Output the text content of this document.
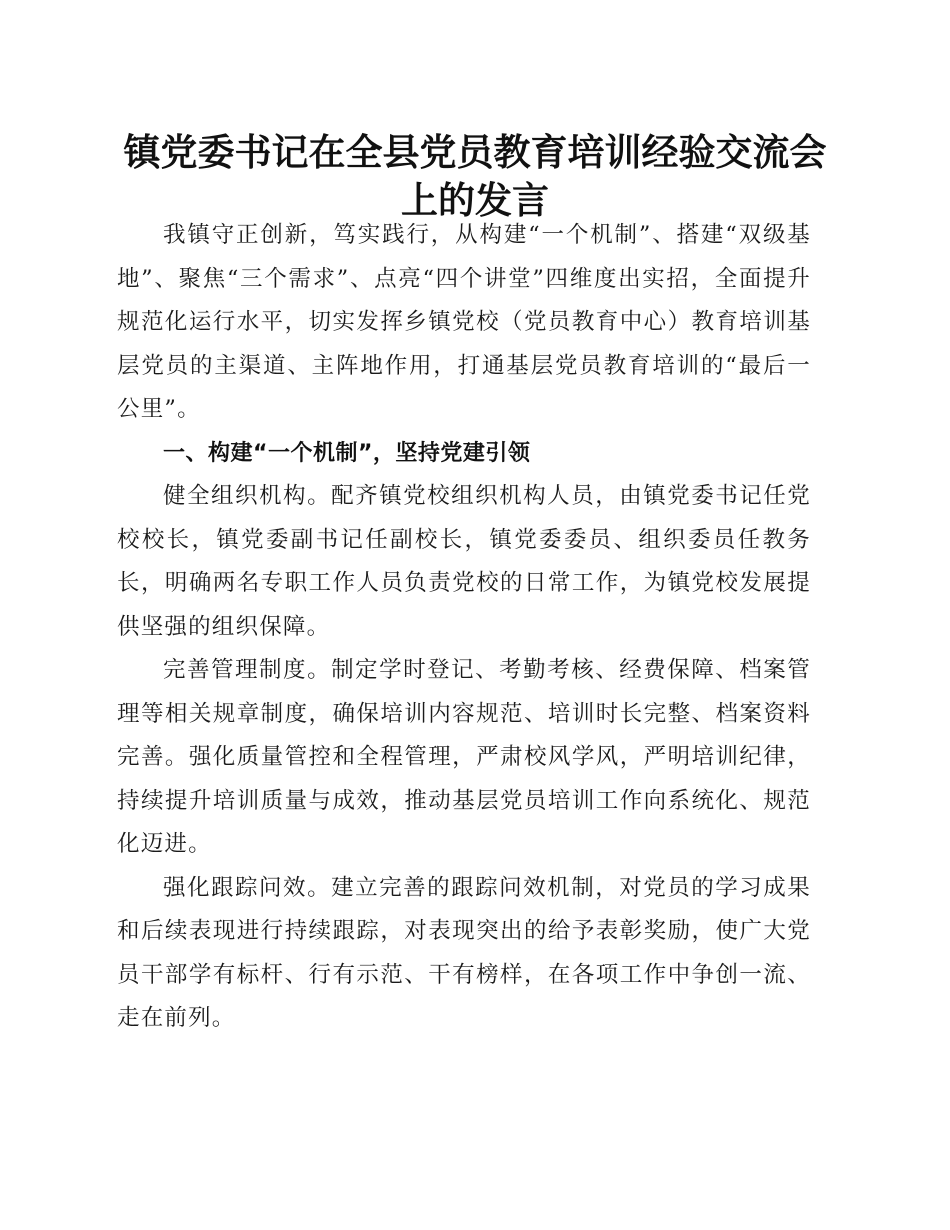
镇党委书记在全县党员教育培训经验交流会上的发言

我镇守正创新，笃实践行，从构建“一个机制”、搭建“双级基地”、聚焦“三个需求”、点亮“四个讲堂”四维度出实招，全面提升规范化运行水平，切实发挥乡镇党校（党员教育中心）教育培训基层党员的主渠道、主阵地作用，打通基层党员教育培训的“最后一公里”。

一、构建“一个机制”，坚持党建引领

健全组织机构。配齐镇党校组织机构人员，由镇党委书记任党校校长，镇党委副书记任副校长，镇党委委员、组织委员任教务长，明确两名专职工作人员负责党校的日常工作，为镇党校发展提供坚强的组织保障。

完善管理制度。制定学时登记、考勤考核、经费保障、档案管理等相关规章制度，确保培训内容规范、培训时长完整、档案资料完善。强化质量管控和全程管理，严肃校风学风，严明培训纪律，持续提升培训质量与成效，推动基层党员培训工作向系统化、规范化迈进。

强化跟踪问效。建立完善的跟踪问效机制，对党员的学习成果和后续表现进行持续跟踪，对表现突出的给予表彰奖励，使广大党员干部学有标杆、行有示范、干有榜样，在各项工作中争创一流、走在前列。
